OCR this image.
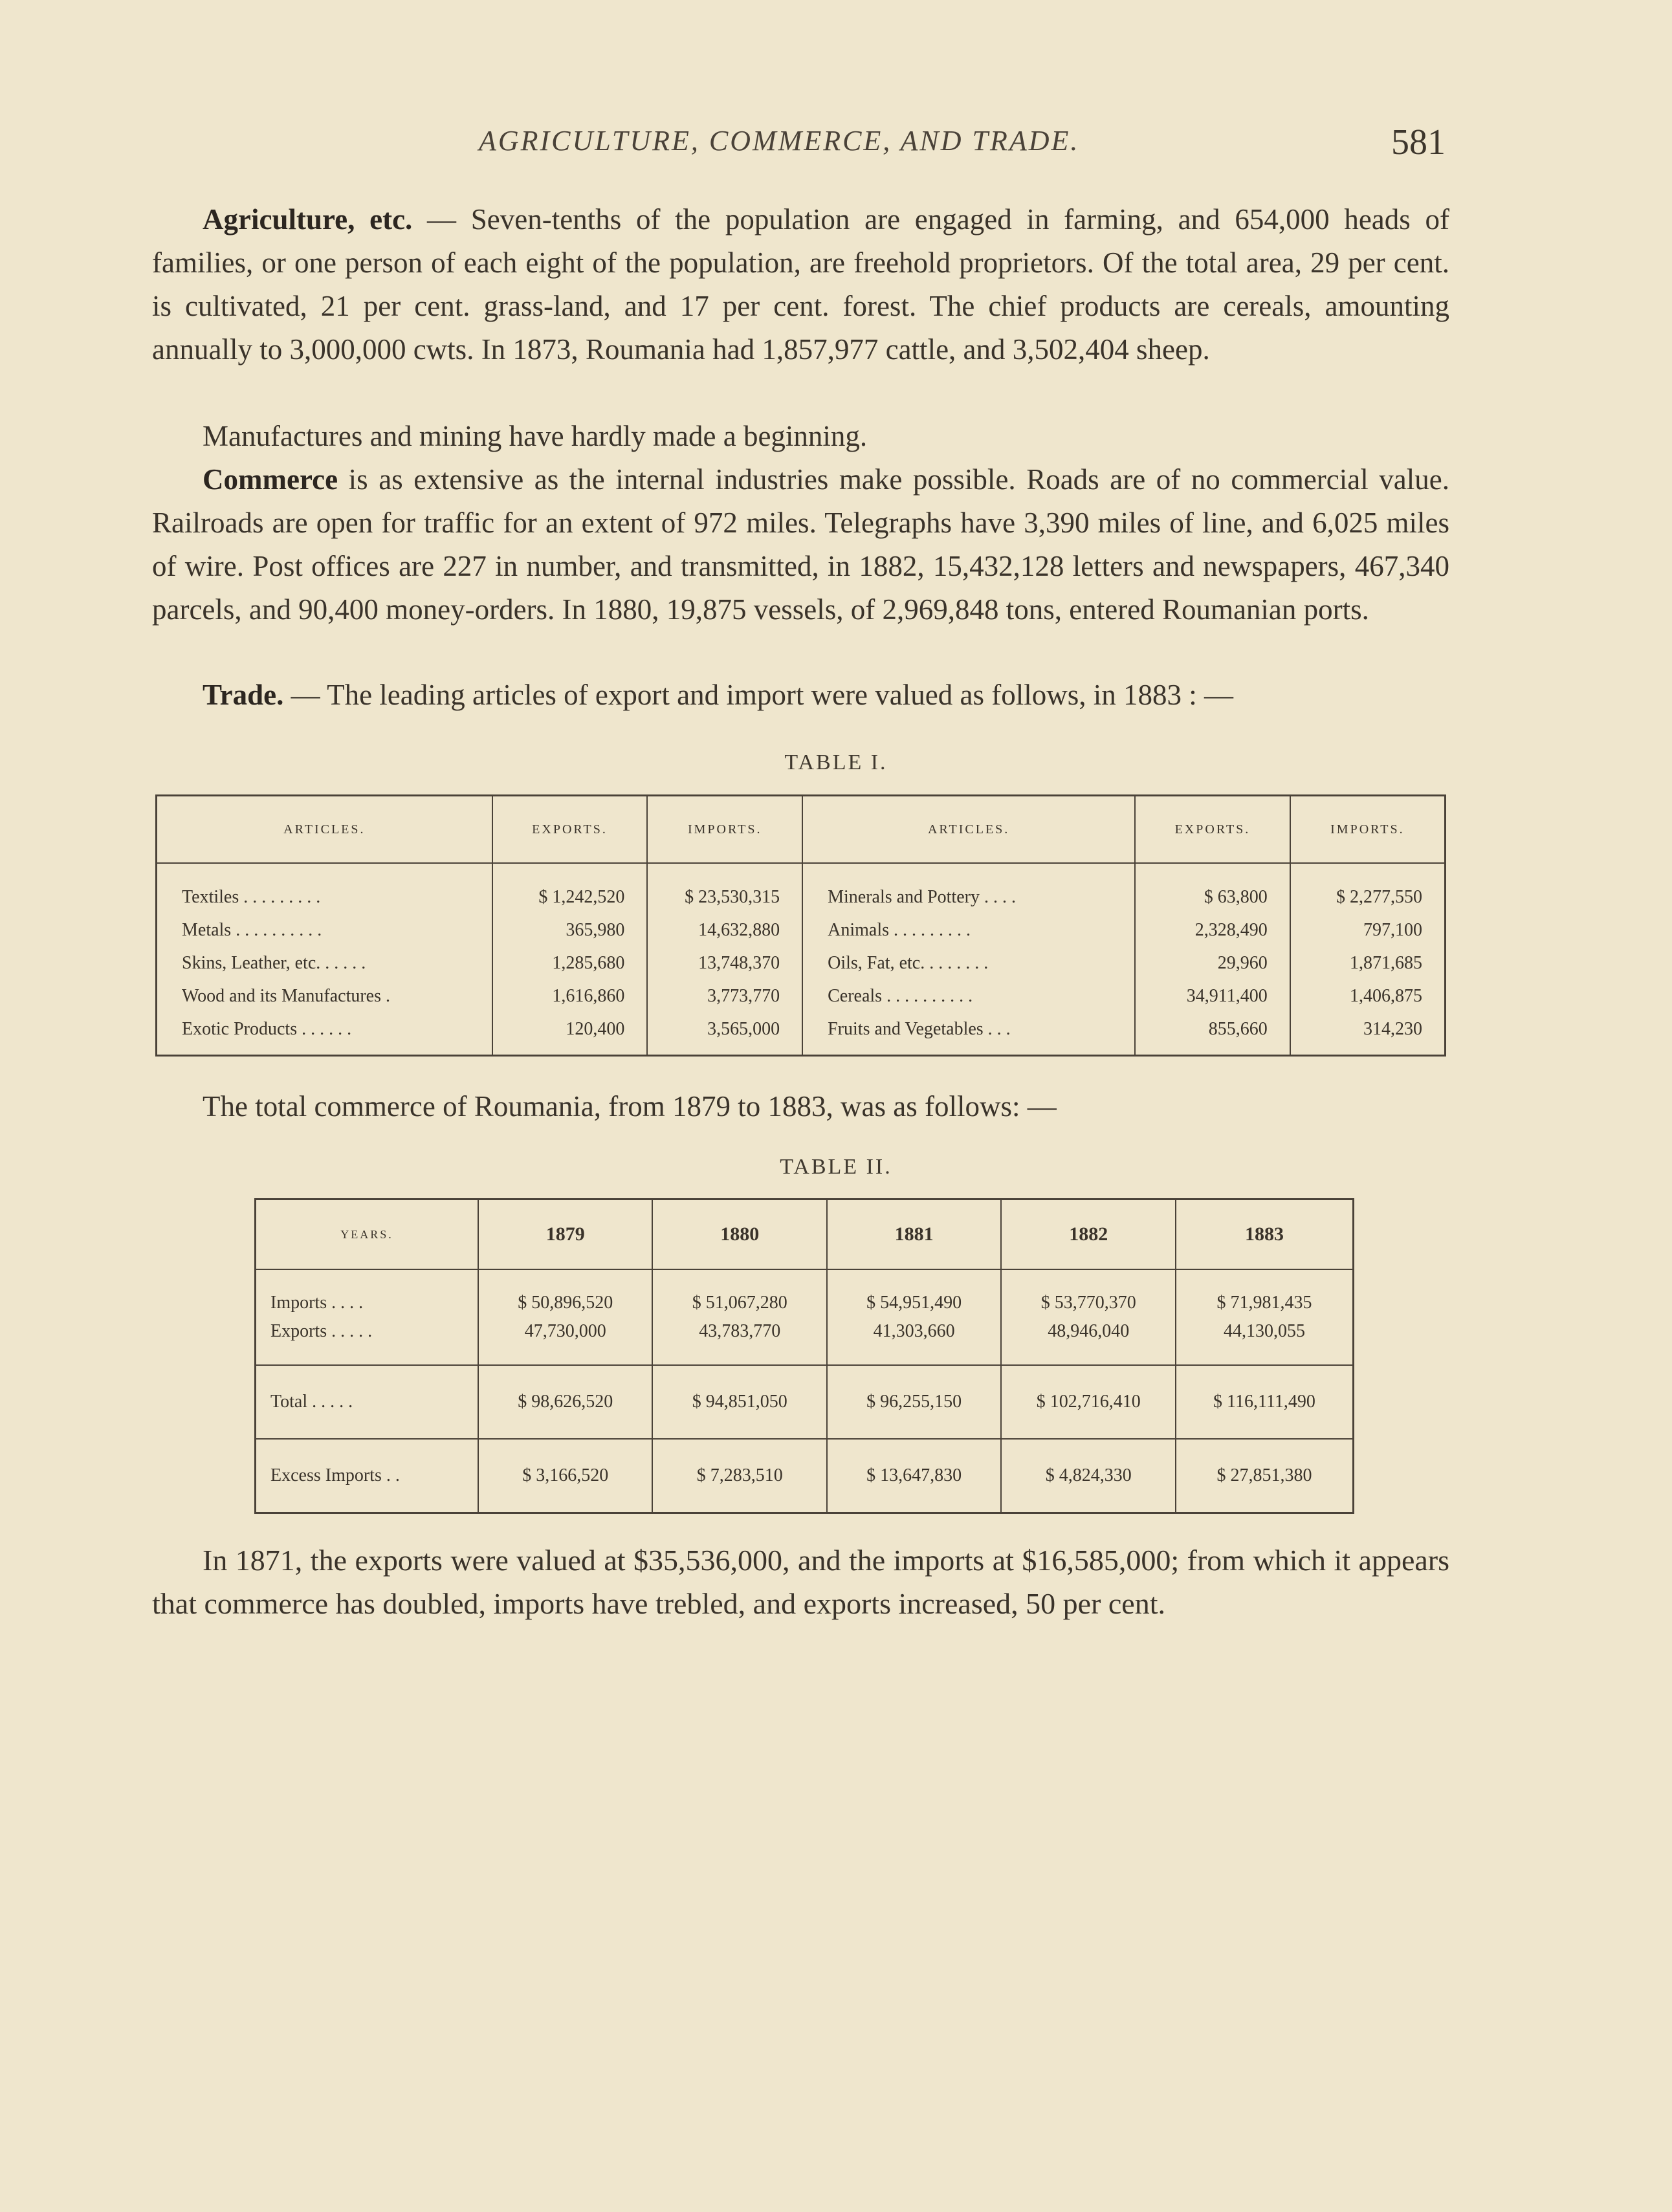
AGRICULTURE, COMMERCE, AND TRADE.	581

Agriculture, etc. — Seven-tenths of the population are engaged in farming, and 654,000 heads of families, or one person of each eight of the population, are freehold proprietors. Of the total area, 29 per cent. is cultivated, 21 per cent. grass-land, and 17 per cent. forest. The chief products are cereals, amounting annually to 3,000,000 cwts. In 1873, Roumania had 1,857,977 cattle, and 3,502,404 sheep.

Manufactures and mining have hardly made a beginning.

Commerce is as extensive as the internal industries make possible. Roads are of no commercial value. Railroads are open for traffic for an extent of 972 miles. Telegraphs have 3,390 miles of line, and 6,025 miles of wire. Post offices are 227 in number, and transmitted, in 1882, 15,432,128 letters and newspapers, 467,340 parcels, and 90,400 money-orders. In 1880, 19,875 vessels, of 2,969,848 tons, entered Roumanian ports.

Trade. — The leading articles of export and import were valued as follows, in 1883 : —

TABLE I.
ARTICLES.	EXPORTS.	IMPORTS.	ARTICLES.	EXPORTS.	IMPORTS.
Textiles . . . . . . . . .	$ 1,242,520	$ 23,530,315	Minerals and Pottery . . . .	$ 63,800	$ 2,277,550
Metals . . . . . . . . . .	365,980	14,632,880	Animals . . . . . . . . .	2,328,490	797,100
Skins, Leather, etc. . . . . .	1,285,680	13,748,370	Oils, Fat, etc. . . . . . . .	29,960	1,871,685
Wood and its Manufactures .	1,616,860	3,773,770	Cereals . . . . . . . . . .	34,911,400	1,406,875
Exotic Products . . . . . .	120,400	3,565,000	Fruits and Vegetables . . .	855,660	314,230

The total commerce of Roumania, from 1879 to 1883, was as follows: —

TABLE II.
YEARS.	1879	1880	1881	1882	1883
Imports . . . .	$ 50,896,520	$ 51,067,280	$ 54,951,490	$ 53,770,370	$ 71,981,435
Exports . . . . .	47,730,000	43,783,770	41,303,660	48,946,040	44,130,055
Total . . . . .	$ 98,626,520	$ 94,851,050	$ 96,255,150	$ 102,716,410	$ 116,111,490
Excess Imports . .	$ 3,166,520	$ 7,283,510	$ 13,647,830	$ 4,824,330	$ 27,851,380

In 1871, the exports were valued at $35,536,000, and the imports at $16,585,000; from which it appears that commerce has doubled, imports have trebled, and exports increased, 50 per cent.
